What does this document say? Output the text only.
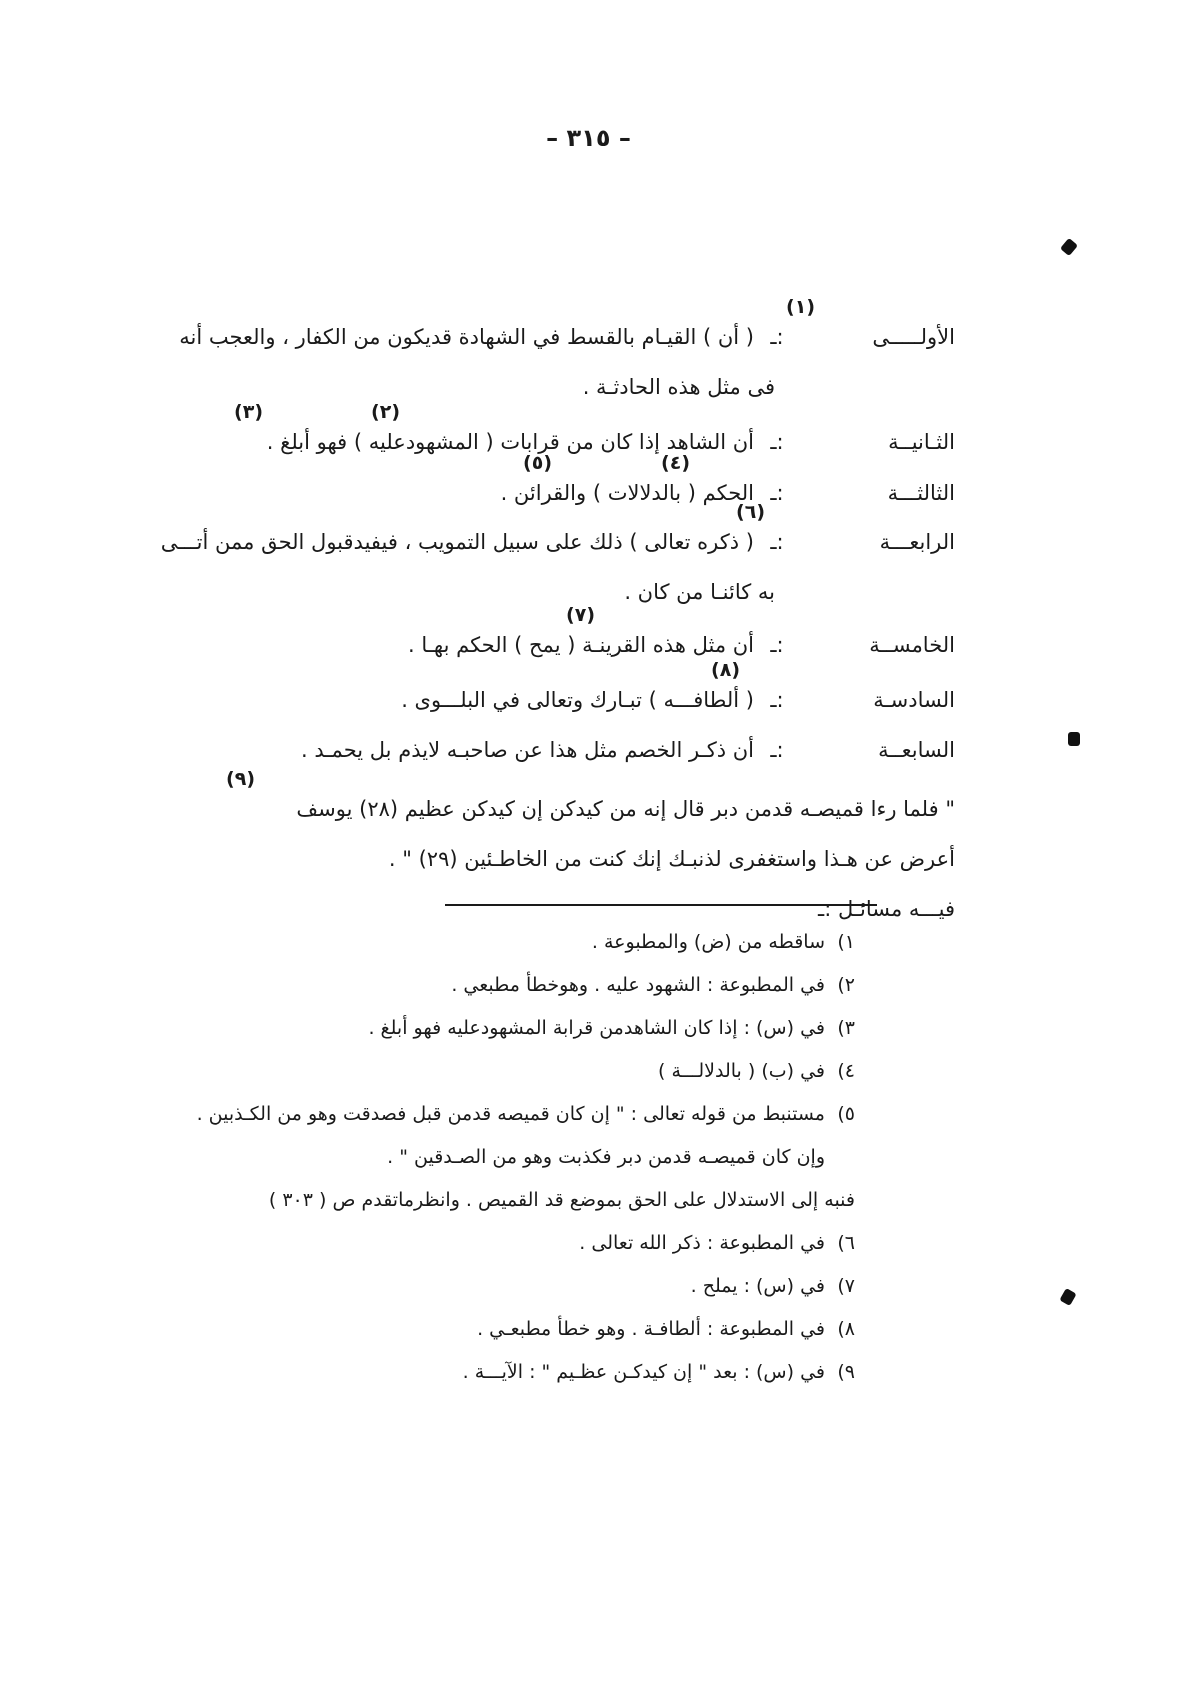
– ٣١٥ –
(١)
الأولـــــى
:ـ
( أن ) القيـام بالقسط في الشهادة قديكون من الكفار ، والعجب أنه
فى مثل هذه الحادثـة .
(٢)
(٣)
الثـانيــة
:ـ
أن الشاهد إذا كان من قرابات ( المشهودعليه ) فهو أبلغ .
(٤)
(٥)
الثالثـــة
:ـ
الحكم ( بالدلالات ) والقرائن .
(٦)
الرابعـــة
:ـ
( ذكره تعالى ) ذلك على سبيل التمويب ، فيفيدقبول الحق ممن أتـــى
به كائنـا من كان .
(٧)
الخامســة
:ـ
أن مثل هذه القرينـة ( يمح ) الحكم بهـا .
(٨)
السادسـة
:ـ
( ألطافـــه ) تبـارك وتعالى في البلـــوى .
السابعــة
:ـ
أن ذكـر الخصم مثل هذا عن صاحبـه لايذم بل يحمـد .
(٩)
" فلما رءا قميصـه قدمن دبر قال إنه من كيدكن إن كيدكن عظيم (٢٨) يوسف
أعرض عن هـذا واستغفرى لذنبـك إنك كنت من الخاطـئين (٢٩) " .
فيـــه مسائـل :ـ
١)
ساقطه من (ض) والمطبوعة .
٢)
في المطبوعة : الشهود عليه . وهوخطأ مطبعي .
٣)
في (س) : إذا كان الشاهدمن قرابة المشهودعليه فهو أبلغ .
٤)
في (ب) ( بالدلالـــة )
٥)
مستنبط من قوله تعالى : " إن كان قميصه قدمن قبل فصدقت وهو من الكـذبين .
وإن كان قميصـه قدمن دبر فكذبت وهو من الصـدقين " .
فنبه إلى الاستدلال على الحق بموضع قد القميص . وانظرماتقدم ص ( ٣٠٣ )
٦)
في المطبوعة : ذكر الله تعالى .
٧)
في (س) : يملح .
٨)
في المطبوعة : ألطافـة . وهو خطأ مطبعـي .
٩)
في (س) : بعد " إن كيدكـن عظـيم " : الآيـــة .
